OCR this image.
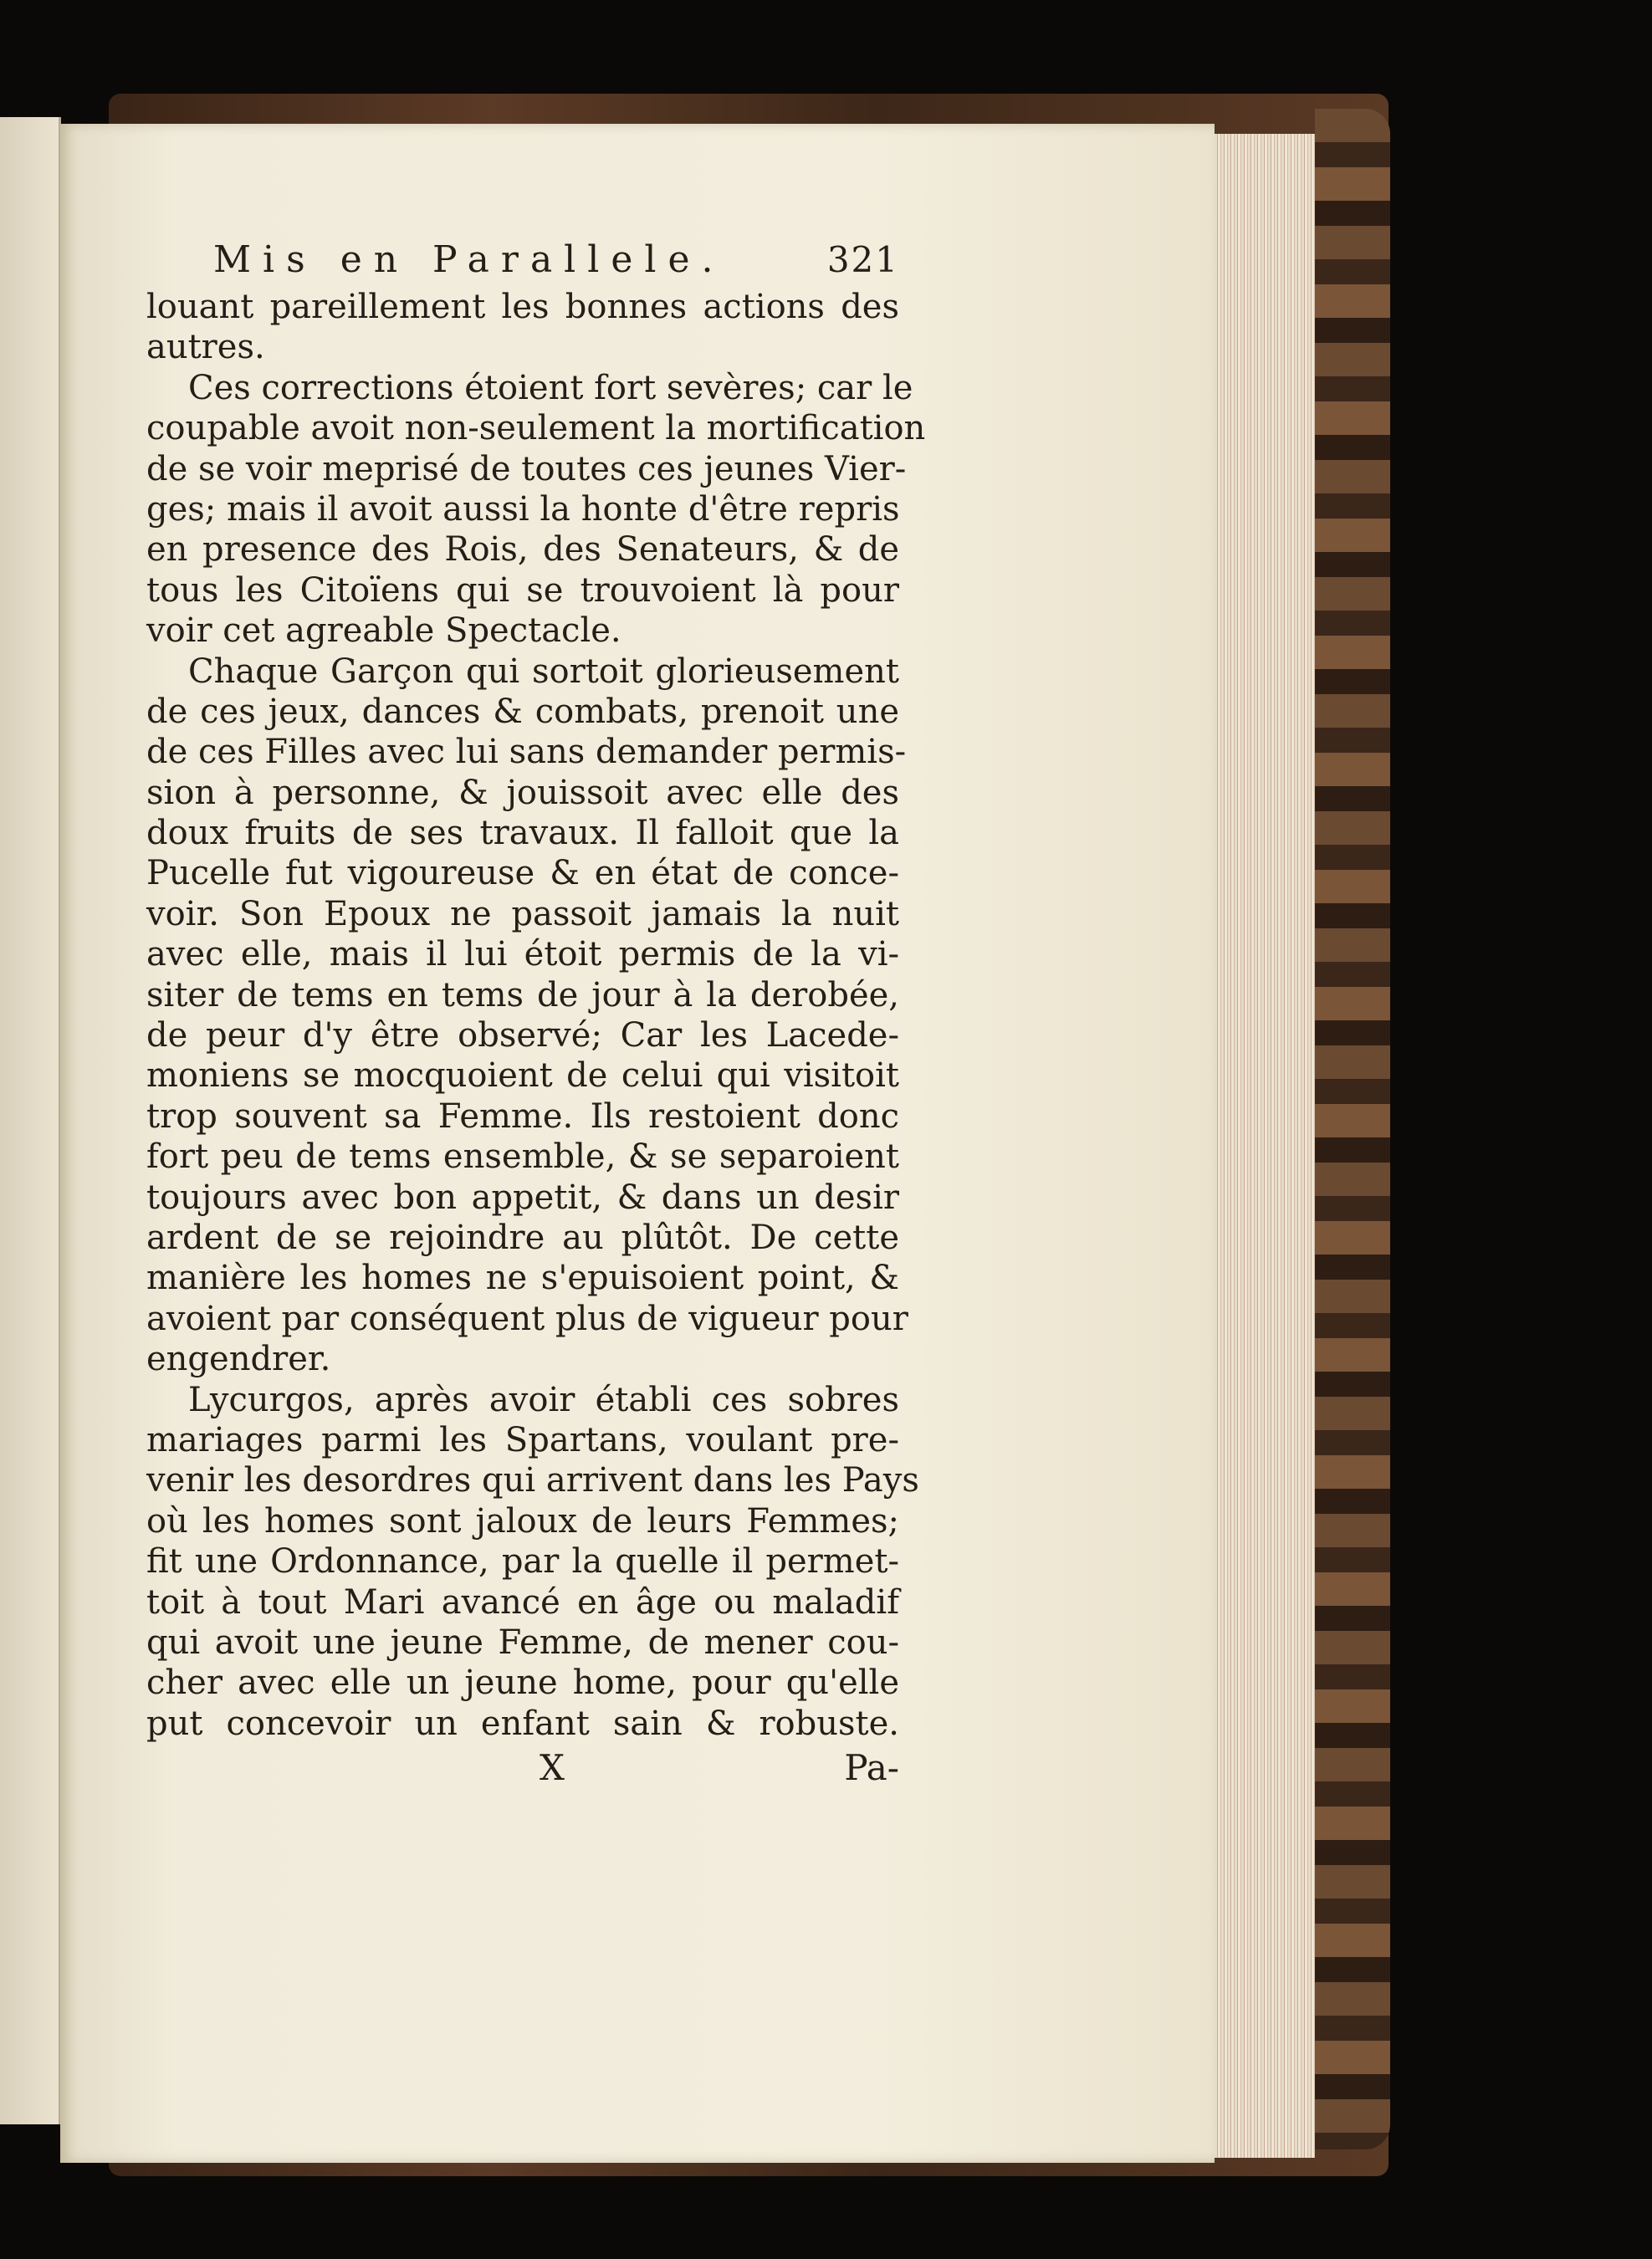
Mis en Parallele.	321
louant pareillement les bonnes actions des
autres.
Ces corrections étoient fort sevères; car le
coupable avoit non-seulement la mortification
de se voir meprisé de toutes ces jeunes Vier-
ges; mais il avoit aussi la honte d'être repris
en presence des Rois, des Senateurs, & de
tous les Citoïens qui se trouvoient là pour
voir cet agreable Spectacle.
Chaque Garçon qui sortoit glorieusement
de ces jeux, dances & combats, prenoit une
de ces Filles avec lui sans demander permis-
sion à personne, & jouissoit avec elle des
doux fruits de ses travaux. Il falloit que la
Pucelle fut vigoureuse & en état de conce-
voir. Son Epoux ne passoit jamais la nuit
avec elle, mais il lui étoit permis de la vi-
siter de tems en tems de jour à la derobée,
de peur d'y être observé; Car les Lacede-
moniens se mocquoient de celui qui visitoit
trop souvent sa Femme. Ils restoient donc
fort peu de tems ensemble, & se separoient
toujours avec bon appetit, & dans un desir
ardent de se rejoindre au plûtôt. De cette
manière les homes ne s'epuisoient point, &
avoient par conséquent plus de vigueur pour
engendrer.
Lycurgos, après avoir établi ces sobres
mariages parmi les Spartans, voulant pre-
venir les desordres qui arrivent dans les Pays
où les homes sont jaloux de leurs Femmes;
fit une Ordonnance, par la quelle il permet-
toit à tout Mari avancé en âge ou maladif
qui avoit une jeune Femme, de mener cou-
cher avec elle un jeune home, pour qu'elle
put concevoir un enfant sain & robuste.
X	Pa-
